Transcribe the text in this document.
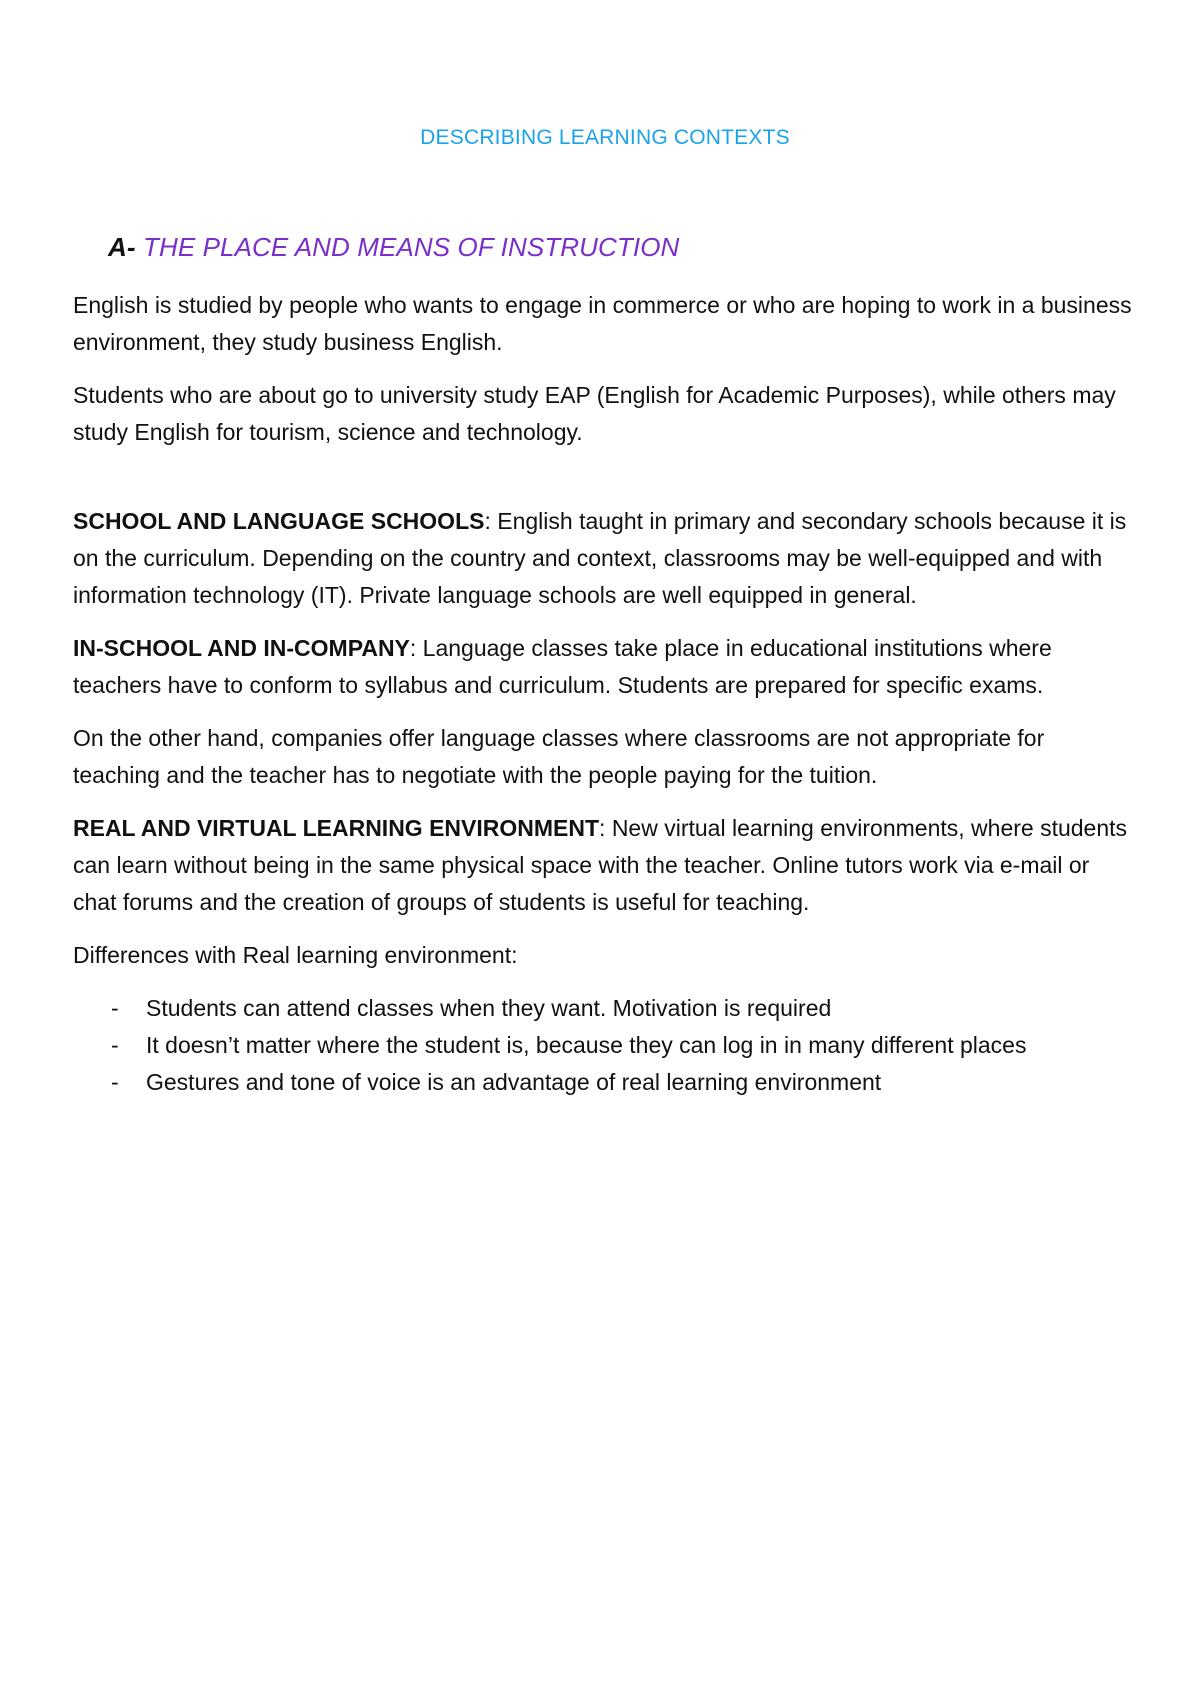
DESCRIBING LEARNING CONTEXTS
A- THE PLACE AND MEANS OF INSTRUCTION

English is studied by people who wants to engage in commerce or who are hoping to work in a business environment, they study business English.

Students who are about go to university study EAP (English for Academic Purposes), while others may study English for tourism, science and technology.

SCHOOL AND LANGUAGE SCHOOLS: English taught in primary and secondary schools because it is on the curriculum. Depending on the country and context, classrooms may be well-equipped and with information technology (IT). Private language schools are well equipped in general.

IN-SCHOOL AND IN-COMPANY: Language classes take place in educational institutions where teachers have to conform to syllabus and curriculum. Students are prepared for specific exams.

On the other hand, companies offer language classes where classrooms are not appropriate for teaching and the teacher has to negotiate with the people paying for the tuition.

REAL AND VIRTUAL LEARNING ENVIRONMENT: New virtual learning environments, where students can learn without being in the same physical space with the teacher. Online tutors work via e-mail or chat forums and the creation of groups of students is useful for teaching.

Differences with Real learning environment:

- Students can attend classes when they want. Motivation is required
- It doesn’t matter where the student is, because they can log in in many different places
- Gestures and tone of voice is an advantage of real learning environment
